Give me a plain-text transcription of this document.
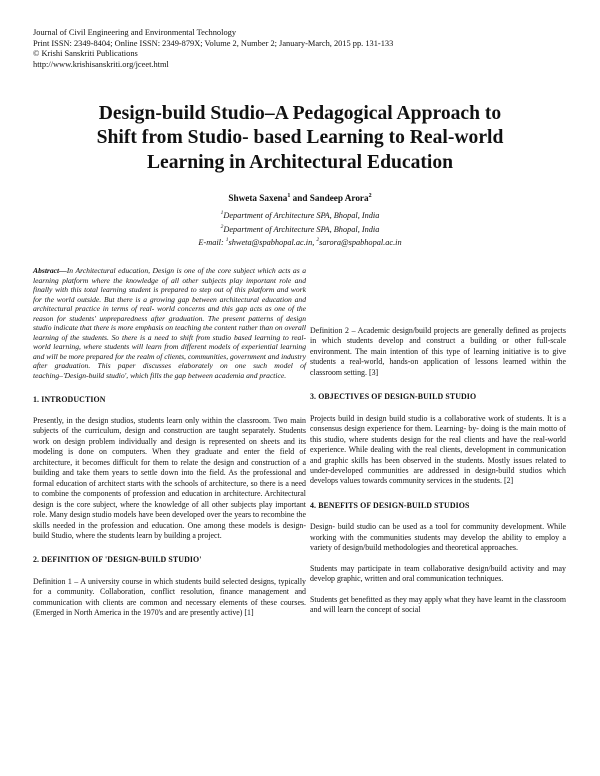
Journal of Civil Engineering and Environmental Technology
Print ISSN: 2349-8404; Online ISSN: 2349-879X; Volume 2, Number 2; January-March, 2015 pp. 131-133
© Krishi Sanskriti Publications
http://www.krishisanskriti.org/jceet.html
Design-build Studio–A Pedagogical Approach to
Shift from Studio- based Learning to Real-world
Learning in Architectural Education
Shweta Saxena$^1$ and Sandeep Arora$^2$
$^1$Department of Architecture SPA, Bhopal, India
$^2$Department of Architecture SPA, Bhopal, India
E-mail: $^1$shweta@spabhopal.ac.in, $^2$sarora@spabhopal.ac.in

Abstract—In Architectural education, Design is one of the core subject which acts as a learning platform where the knowledge of all other subjects play important role and finally with this total learning student is prepared to step out of this platform and work for the world outside. But there is a growing gap between architectural education and architectural practice in terms of real- world concerns and this gap acts as one of the reason for students' unpreparedness after graduation. The present patterns of design studio indicate that there is more emphasis on teaching the content rather than on overall learning of the students. So there is a need to shift from studio based learning to real-world learning, where students will learn from different models of experiential learning and will be more prepared for the realm of clients, communities, government and industry after graduation. This paper discusses elaborately on one such model of teaching–'Design-build studio', which fills the gap between academia and practice.

1. INTRODUCTION

Presently, in the design studios, students learn only within the classroom. Two main subjects of the curriculum, design and construction are taught separately. Students work on design problem individually and design is represented on sheets and its modeling is done on computers. When they graduate and enter the field of architecture, it becomes difficult for them to relate the design and construction of a building and take them years to settle down into the field. As the professional and formal education of architect starts with the schools of architecture, so there is a need to combine the components of profession and education in architecture. Architectural design is the core subject, where the knowledge of all other subjects play important role. Many design studio models have been developed over the years to recombine the skills needed in the profession and education. One among these models is design-build Studio, where the students learn by building a project.

2. DEFINITION OF 'DESIGN-BUILD STUDIO'

Definition 1 – A university course in which students build selected designs, typically for a community. Collaboration, conflict resolution, finance management and communication with clients are common and necessary elements of these courses. (Emerged in North America in the 1970's and are presently active) [1]

Definition 2 – Academic design/build projects are generally defined as projects in which students develop and construct a building or other full-scale environment. The main intention of this type of learning initiative is to give students a real-world, hands-on application of lessons learned within the classroom setting. [3]

3. OBJECTIVES OF DESIGN-BUILD STUDIO

Projects build in design build studio is a collaborative work of students. It is a consensus design experience for them. Learning- by- doing is the main motto of this studio, where students design for the real clients and have the real-world experience. While dealing with the real clients, development in communication and graphic skills has been observed in the students. Mostly issues related to under-developed communities are addressed in design-build studios which develops values towards community services in the students. [2]

4. BENEFITS OF DESIGN-BUILD STUDIOS

Design- build studio can be used as a tool for community development. While working with the communities students may develop the ability to employ a variety of design/build methodologies and theoretical approaches.

Students may participate in team collaborative design/build activity and may develop graphic, written and oral communication techniques.

Students get benefitted as they may apply what they have learnt in the classroom and will learn the concept of social
